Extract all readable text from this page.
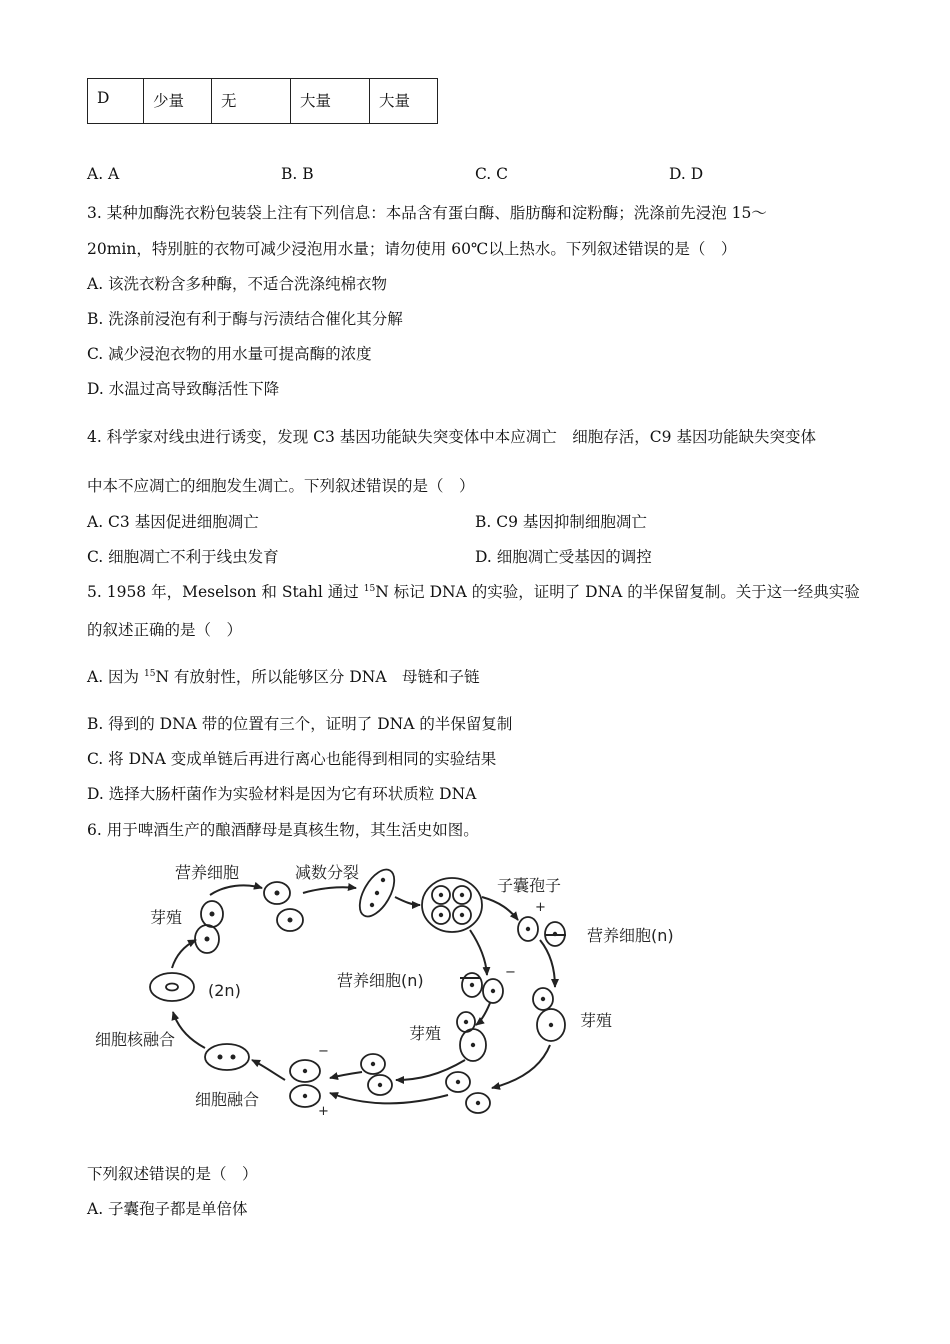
D	少量	无	大量	大量
A. A	B. B	C. C	D. D
3. 某种加酶洗衣粉包装袋上注有下列信息：本品含有蛋白酶、脂肪酶和淀粉酶；洗涤前先浸泡 15～
20min，特别脏的衣物可减少浸泡用水量；请勿使用 60℃以上热水。下列叙述错误的是（　）
A. 该洗衣粉含多种酶，不适合洗涤纯棉衣物
B. 洗涤前浸泡有利于酶与污渍结合催化其分解
C. 减少浸泡衣物的用水量可提高酶的浓度
D. 水温过高导致酶活性下降
4. 科学家对线虫进行诱变，发现 C3 基因功能缺失突变体中本应凋亡　细胞存活，C9 基因功能缺失突变体
中本不应凋亡的细胞发生凋亡。下列叙述错误的是（　）
A. C3 基因促进细胞凋亡	B. C9 基因抑制细胞凋亡
C. 细胞凋亡不利于线虫发育	D. 细胞凋亡受基因的调控
5. 1958 年，Meselson 和 Stahl 通过 $^{15}$N 标记 DNA 的实验，证明了 DNA 的半保留复制。关于这一经典实验
的叙述正确的是（　）
A. 因为 $^{15}$N 有放射性，所以能够区分 DNA　母链和子链
B. 得到的 DNA 带的位置有三个，证明了 DNA 的半保留复制
C. 将 DNA 变成单链后再进行离心也能得到相同的实验结果
D. 选择大肠杆菌作为实验材料是因为它有环状质粒 DNA
6. 用于啤酒生产的酿酒酵母是真核生物，其生活史如图。
营养细胞	减数分裂
子囊孢子
芽殖
+
营养细胞(n)
(2n)
营养细胞(n)	−
芽殖
细胞核融合	芽殖
−
细胞融合
+
下列叙述错误的是（　）
A. 子囊孢子都是单倍体
